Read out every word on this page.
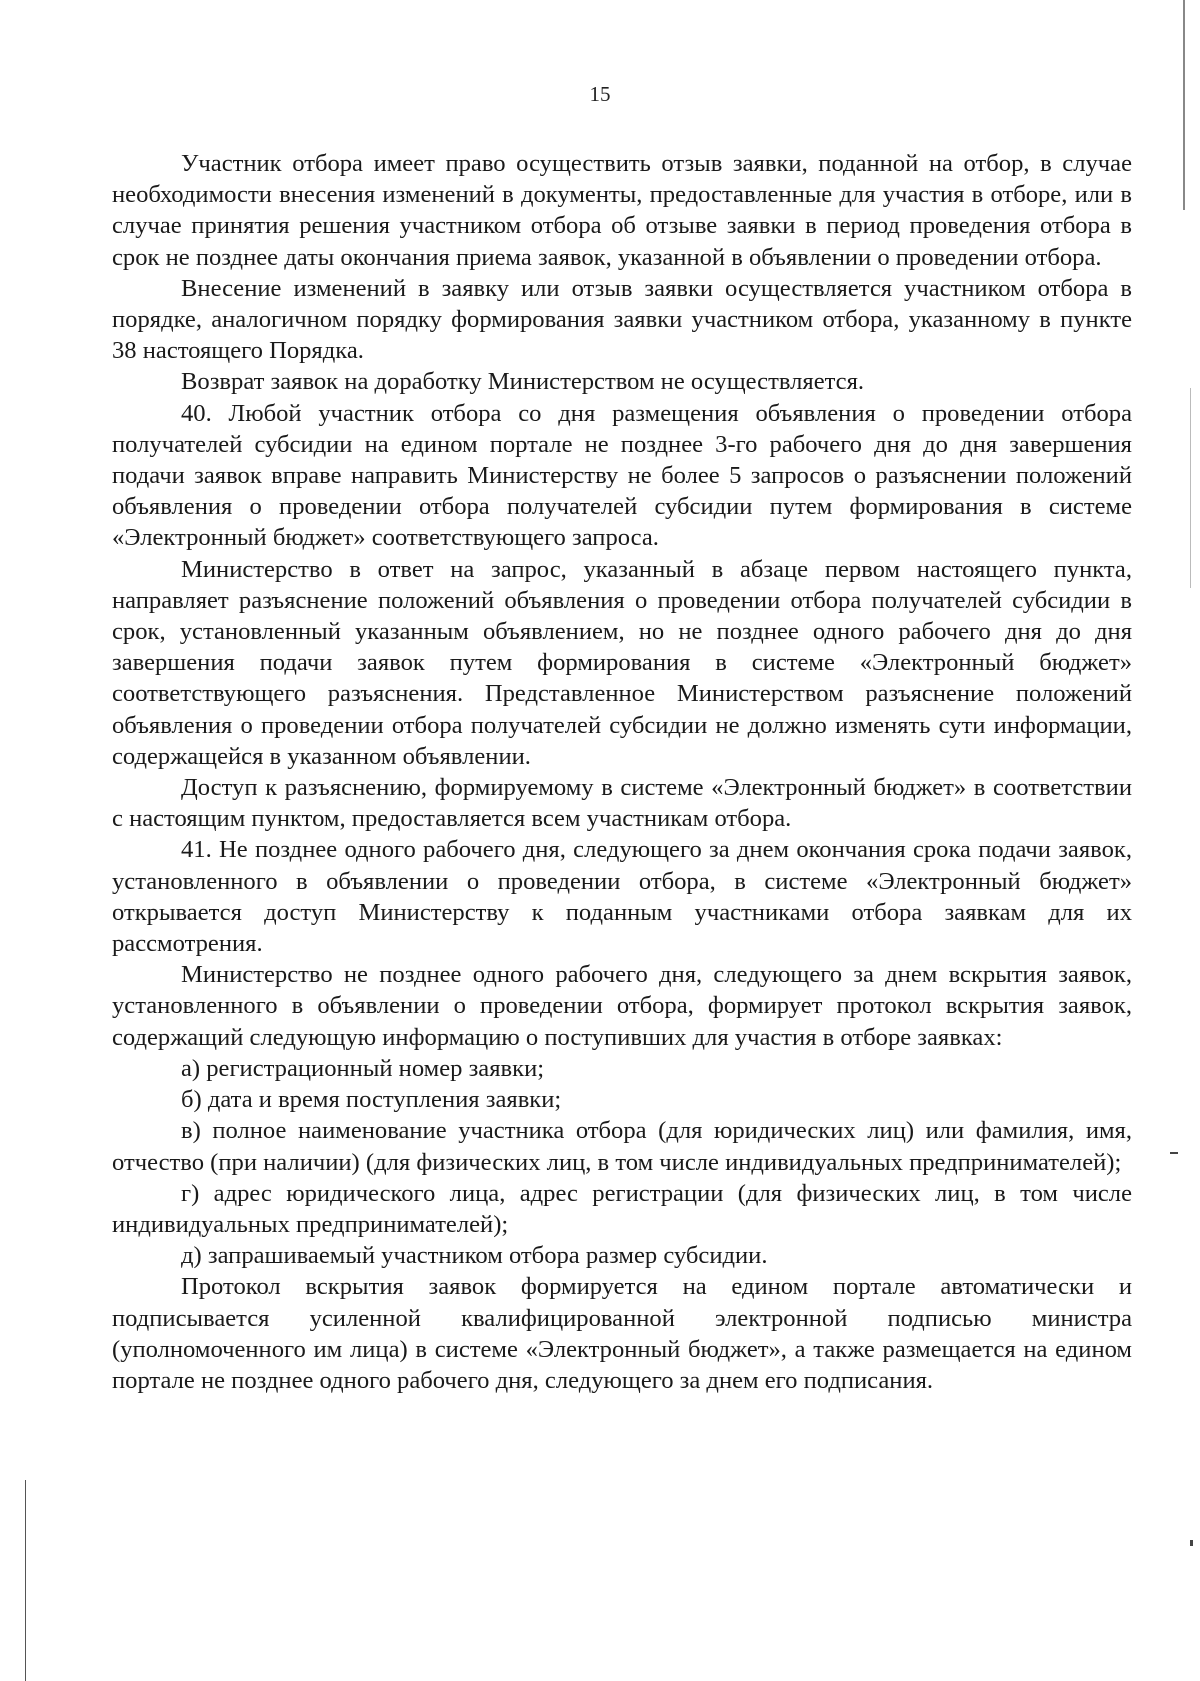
15

Участник отбора имеет право осуществить отзыв заявки, поданной на отбор, в случае необходимости внесения изменений в документы, предоставленные для участия в отборе, или в случае принятия решения участником отбора об отзыве заявки в период проведения отбора в срок не позднее даты окончания приема заявок, указанной в объявлении о проведении отбора.

Внесение изменений в заявку или отзыв заявки осуществляется участником отбора в порядке, аналогичном порядку формирования заявки участником отбора, указанному в пункте 38 настоящего Порядка.

Возврат заявок на доработку Министерством не осуществляется.

40. Любой участник отбора со дня размещения объявления о проведении отбора получателей субсидии на едином портале не позднее 3-го рабочего дня до дня завершения подачи заявок вправе направить Министерству не более 5 запросов о разъяснении положений объявления о проведении отбора получателей субсидии путем формирования в системе «Электронный бюджет» соответствующего запроса.

Министерство в ответ на запрос, указанный в абзаце первом настоящего пункта, направляет разъяснение положений объявления о проведении отбора получателей субсидии в срок, установленный указанным объявлением, но не позднее одного рабочего дня до дня завершения подачи заявок путем формирования в системе «Электронный бюджет» соответствующего разъяснения. Представленное Министерством разъяснение положений объявления о проведении отбора получателей субсидии не должно изменять сути информации, содержащейся в указанном объявлении.

Доступ к разъяснению, формируемому в системе «Электронный бюджет» в соответствии с настоящим пунктом, предоставляется всем участникам отбора.

41. Не позднее одного рабочего дня, следующего за днем окончания срока подачи заявок, установленного в объявлении о проведении отбора, в системе «Электронный бюджет» открывается доступ Министерству к поданным участниками отбора заявкам для их рассмотрения.

Министерство не позднее одного рабочего дня, следующего за днем вскрытия заявок, установленного в объявлении о проведении отбора, формирует протокол вскрытия заявок, содержащий следующую информацию о поступивших для участия в отборе заявках:

а) регистрационный номер заявки;

б) дата и время поступления заявки;

в) полное наименование участника отбора (для юридических лиц) или фамилия, имя, отчество (при наличии) (для физических лиц, в том числе индивидуальных предпринимателей);

г) адрес юридического лица, адрес регистрации (для физических лиц, в том числе индивидуальных предпринимателей);

д) запрашиваемый участником отбора размер субсидии.

Протокол вскрытия заявок формируется на едином портале автоматически и подписывается усиленной квалифицированной электронной подписью министра (уполномоченного им лица) в системе «Электронный бюджет», а также размещается на едином портале не позднее одного рабочего дня, следующего за днем его подписания.
